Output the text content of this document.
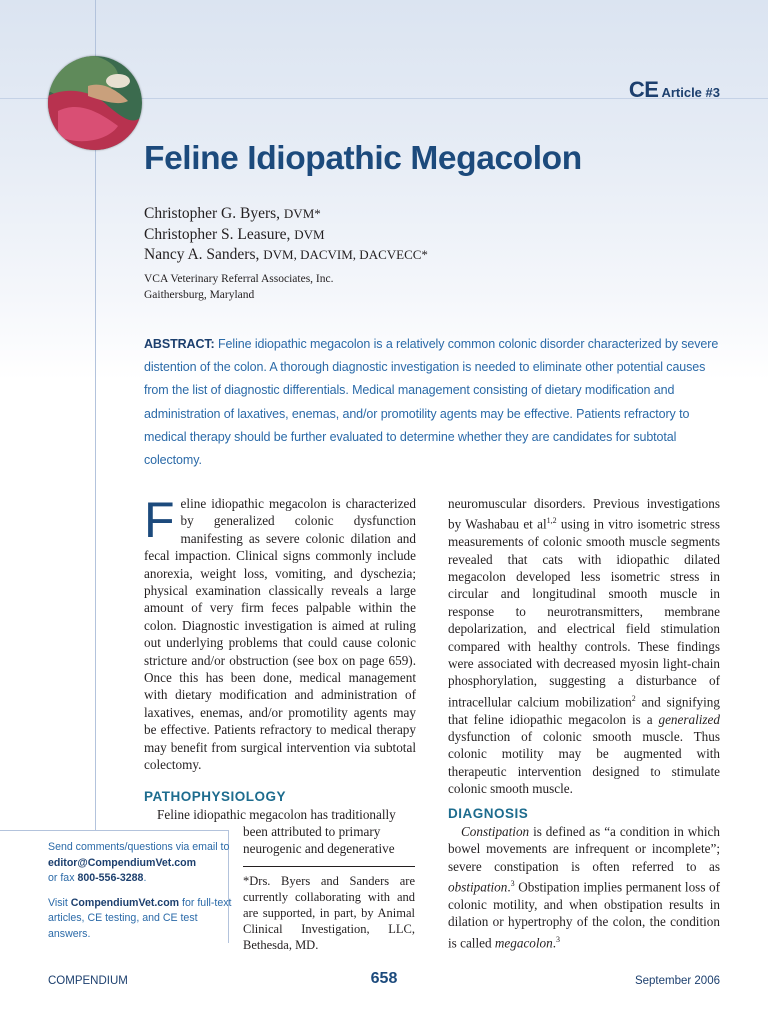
CE Article #3
Feline Idiopathic Megacolon
Christopher G. Byers, DVM*
Christopher S. Leasure, DVM
Nancy A. Sanders, DVM, DACVIM, DACVECC*
VCA Veterinary Referral Associates, Inc.
Gaithersburg, Maryland
ABSTRACT: Feline idiopathic megacolon is a relatively common colonic disorder characterized by severe distention of the colon. A thorough diagnostic investigation is needed to eliminate other potential causes from the list of diagnostic differentials. Medical management consisting of dietary modification and administration of laxatives, enemas, and/or promotility agents may be effective. Patients refractory to medical therapy should be further evaluated to determine whether they are candidates for subtotal colectomy.

Feline idiopathic megacolon is characterized by generalized colonic dysfunction manifesting as severe colonic dilation and fecal impaction. Clinical signs commonly include anorexia, weight loss, vomiting, and dyschezia; physical examination classically reveals a large amount of very firm feces palpable within the colon. Diagnostic investigation is aimed at ruling out underlying problems that could cause colonic stricture and/or obstruction (see box on page 659). Once this has been done, medical management with dietary modification and administration of laxatives, enemas, and/or promotility agents may be effective. Patients refractory to medical therapy may benefit from surgical intervention via subtotal colectomy.

PATHOPHYSIOLOGY

Feline idiopathic megacolon has traditionally

been attributed to primary

neurogenic and degenerative

*Drs. Byers and Sanders are currently collaborating with and are supported, in part, by Animal Clinical Investigation, LLC, Bethesda, MD.

neuromuscular disorders. Previous investigations by Washabau et al$^{1,2}$ using in vitro isometric stress measurements of colonic smooth muscle segments revealed that cats with idiopathic dilated megacolon developed less isometric stress in circular and longitudinal smooth muscle in response to neurotransmitters, membrane depolarization, and electrical field stimulation compared with healthy controls. These findings were associated with decreased myosin light-chain phosphorylation, suggesting a disturbance of intracellular calcium mobilization$^2$ and signifying that feline idiopathic megacolon is a generalized dysfunction of colonic smooth muscle. Thus colonic motility may be augmented with therapeutic intervention designed to stimulate colonic smooth muscle.

DIAGNOSIS

Constipation is defined as “a condition in which bowel movements are infrequent or incomplete”; severe constipation is often referred to as obstipation.$^3$ Obstipation implies permanent loss of colonic motility, and when obstipation results in dilation or hypertrophy of the colon, the condition is called megacolon.$^3$

Send comments/questions via email to
editor@CompendiumVet.com
or fax 800-556-3288.
Visit CompendiumVet.com for full-text articles, CE testing, and CE test answers.
COMPENDIUM	658	September 2006
